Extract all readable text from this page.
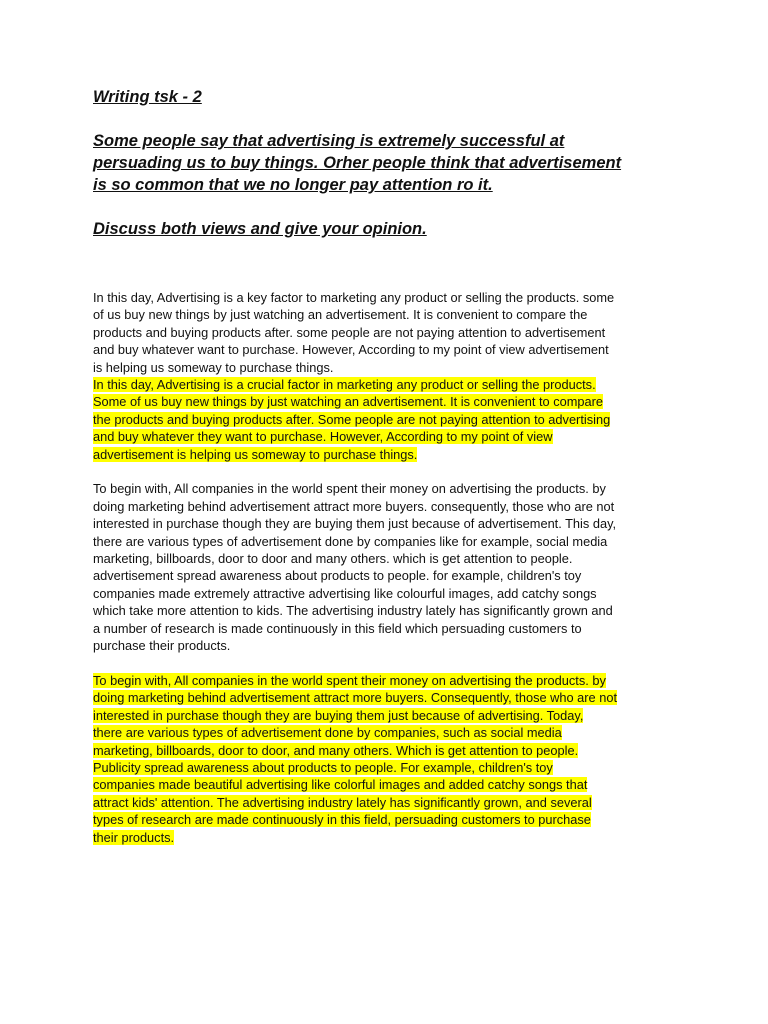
Writing tsk - 2

Some people say that advertising is extremely successful at
persuading us to buy things. Orher people think that advertisement
is so common that we no longer pay attention ro it.

Discuss both views and give your opinion.

In this day, Advertising is a key factor to marketing any product or selling the products. some
of us buy new things by just watching an advertisement. It is convenient to compare the
products and buying products after. some people are not paying attention to advertisement
and buy whatever want to purchase. However, According to my point of view advertisement
is helping us someway to purchase things.

In this day, Advertising is a crucial factor in marketing any product or selling the products.
Some of us buy new things by just watching an advertisement. It is convenient to compare
the products and buying products after. Some people are not paying attention to advertising
and buy whatever they want to purchase. However, According to my point of view
advertisement is helping us someway to purchase things.

To begin with, All companies in the world spent their money on advertising the products. by
doing marketing behind advertisement attract more buyers. consequently, those who are not
interested in purchase though they are buying them just because of advertisement. This day,
there are various types of advertisement done by companies like for example, social media
marketing, billboards, door to door and many others. which is get attention to people.
advertisement spread awareness about products to people. for example, children's toy
companies made extremely attractive advertising like colourful images, add catchy songs
which take more attention to kids. The advertising industry lately has significantly grown and
a number of research is made continuously in this field which persuading customers to
purchase their products.

To begin with, All companies in the world spent their money on advertising the products. by
doing marketing behind advertisement attract more buyers. Consequently, those who are not
interested in purchase though they are buying them just because of advertising. Today,
there are various types of advertisement done by companies, such as social media
marketing, billboards, door to door, and many others. Which is get attention to people.
Publicity spread awareness about products to people. For example, children's toy
companies made beautiful advertising like colorful images and added catchy songs that
attract kids' attention. The advertising industry lately has significantly grown, and several
types of research are made continuously in this field, persuading customers to purchase
their products.
